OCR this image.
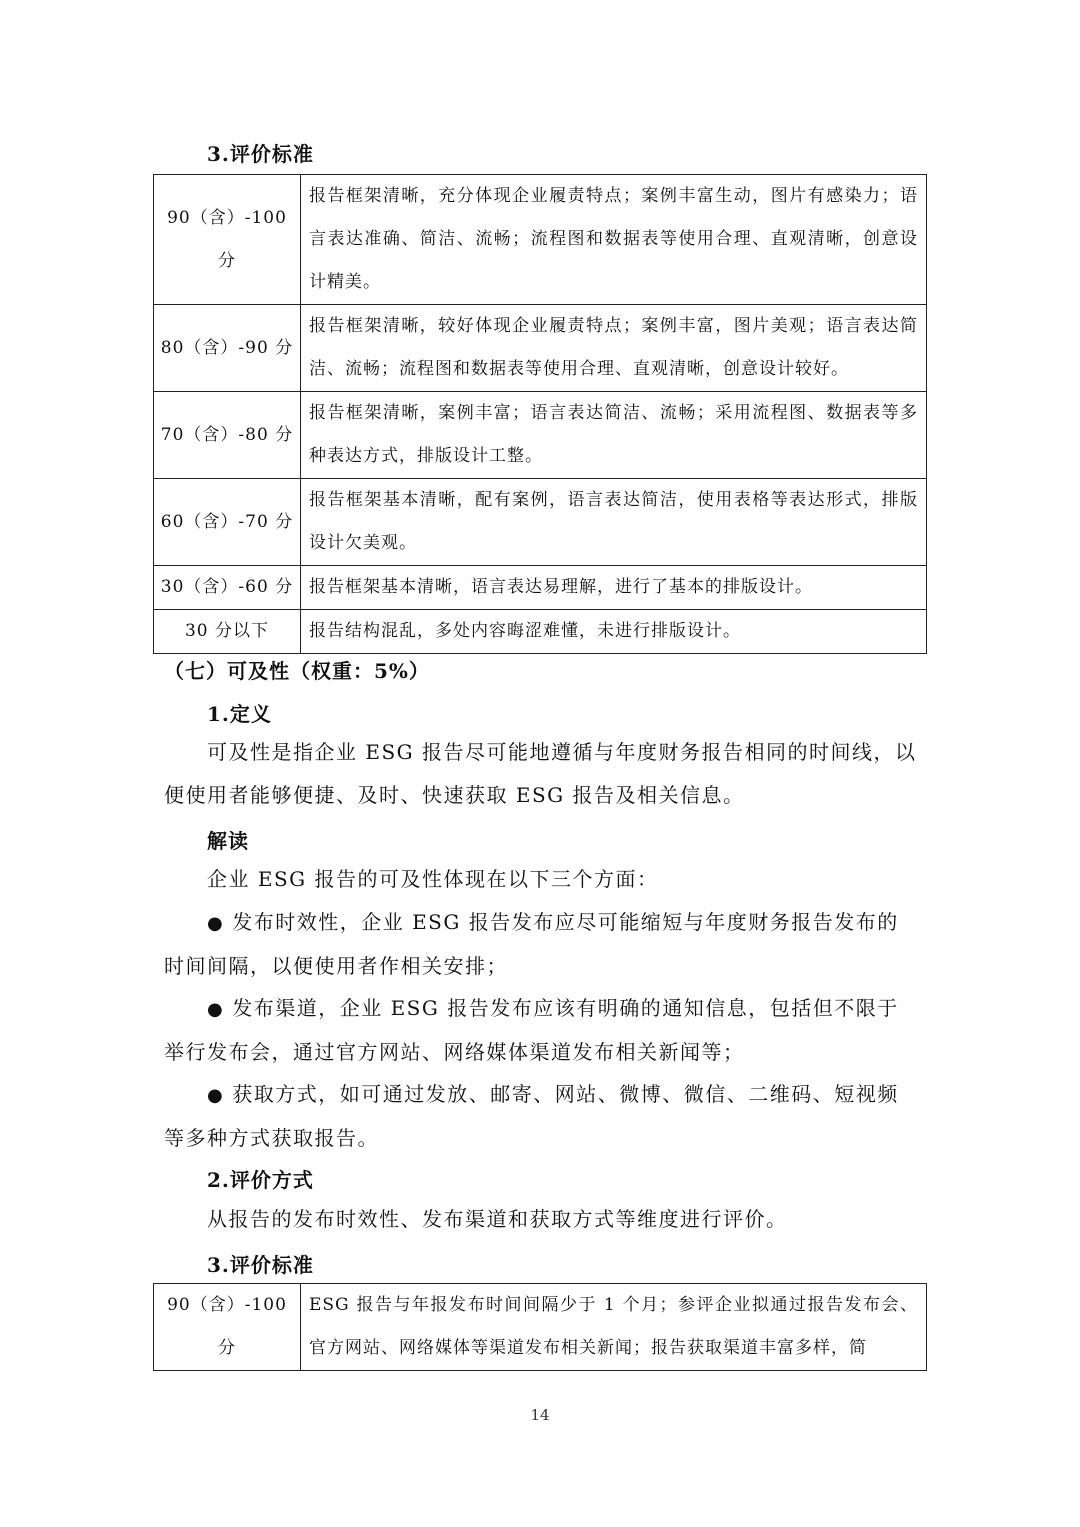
3.评价标准
90（含）-100 分	报告框架清晰，充分体现企业履责特点；案例丰富生动，图片有感染力；语言表达准确、简洁、流畅；流程图和数据表等使用合理、直观清晰，创意设计精美。
80（含）-90 分	报告框架清晰，较好体现企业履责特点；案例丰富，图片美观；语言表达简洁、流畅；流程图和数据表等使用合理、直观清晰，创意设计较好。
70（含）-80 分	报告框架清晰，案例丰富；语言表达简洁、流畅；采用流程图、数据表等多种表达方式，排版设计工整。
60（含）-70 分	报告框架基本清晰，配有案例，语言表达简洁，使用表格等表达形式，排版设计欠美观。
30（含）-60 分	报告框架基本清晰，语言表达易理解，进行了基本的排版设计。
30 分以下	报告结构混乱，多处内容晦涩难懂，未进行排版设计。
（七）可及性（权重：5%）
1.定义
可及性是指企业 ESG 报告尽可能地遵循与年度财务报告相同的时间线，以便使用者能够便捷、及时、快速获取 ESG 报告及相关信息。
解读
企业 ESG 报告的可及性体现在以下三个方面：
● 发布时效性，企业 ESG 报告发布应尽可能缩短与年度财务报告发布的时间间隔，以便使用者作相关安排；
● 发布渠道，企业 ESG 报告发布应该有明确的通知信息，包括但不限于举行发布会，通过官方网站、网络媒体渠道发布相关新闻等；
● 获取方式，如可通过发放、邮寄、网站、微博、微信、二维码、短视频等多种方式获取报告。
2.评价方式
从报告的发布时效性、发布渠道和获取方式等维度进行评价。
3.评价标准
90（含）-100 分	ESG 报告与年报发布时间间隔少于 1 个月；参评企业拟通过报告发布会、官方网站、网络媒体等渠道发布相关新闻；报告获取渠道丰富多样，简
14
